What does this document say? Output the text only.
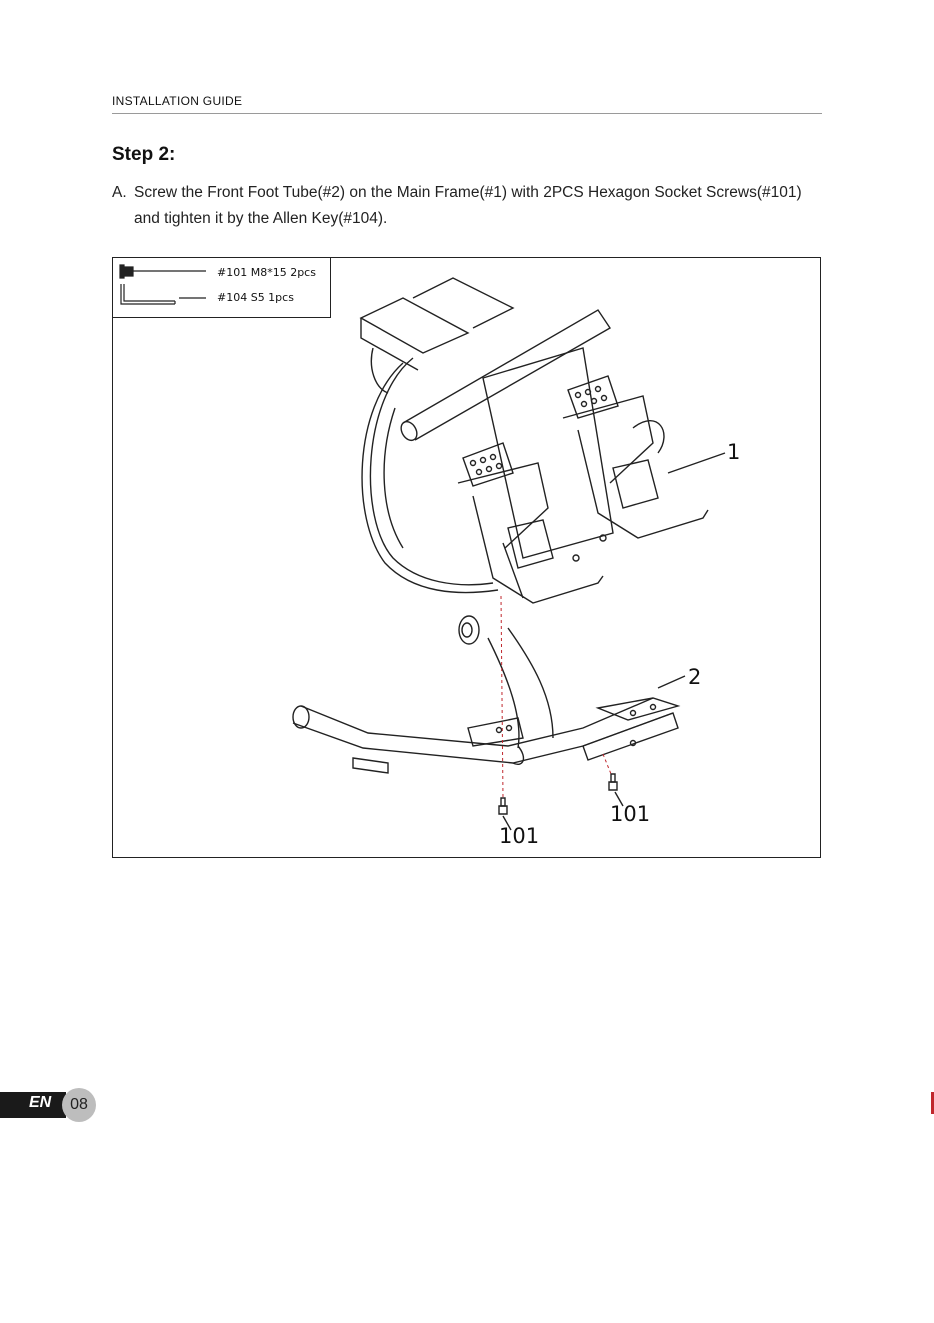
INSTALLATION GUIDE
Step 2:
A. Screw the Front Foot Tube(#2) on the Main Frame(#1) with 2PCS Hexagon Socket Screws(#101) and tighten it by the Allen Key(#104).
#101 M8*15 2pcs
#104 S5 1pcs
1
2
101
101
EN	08
